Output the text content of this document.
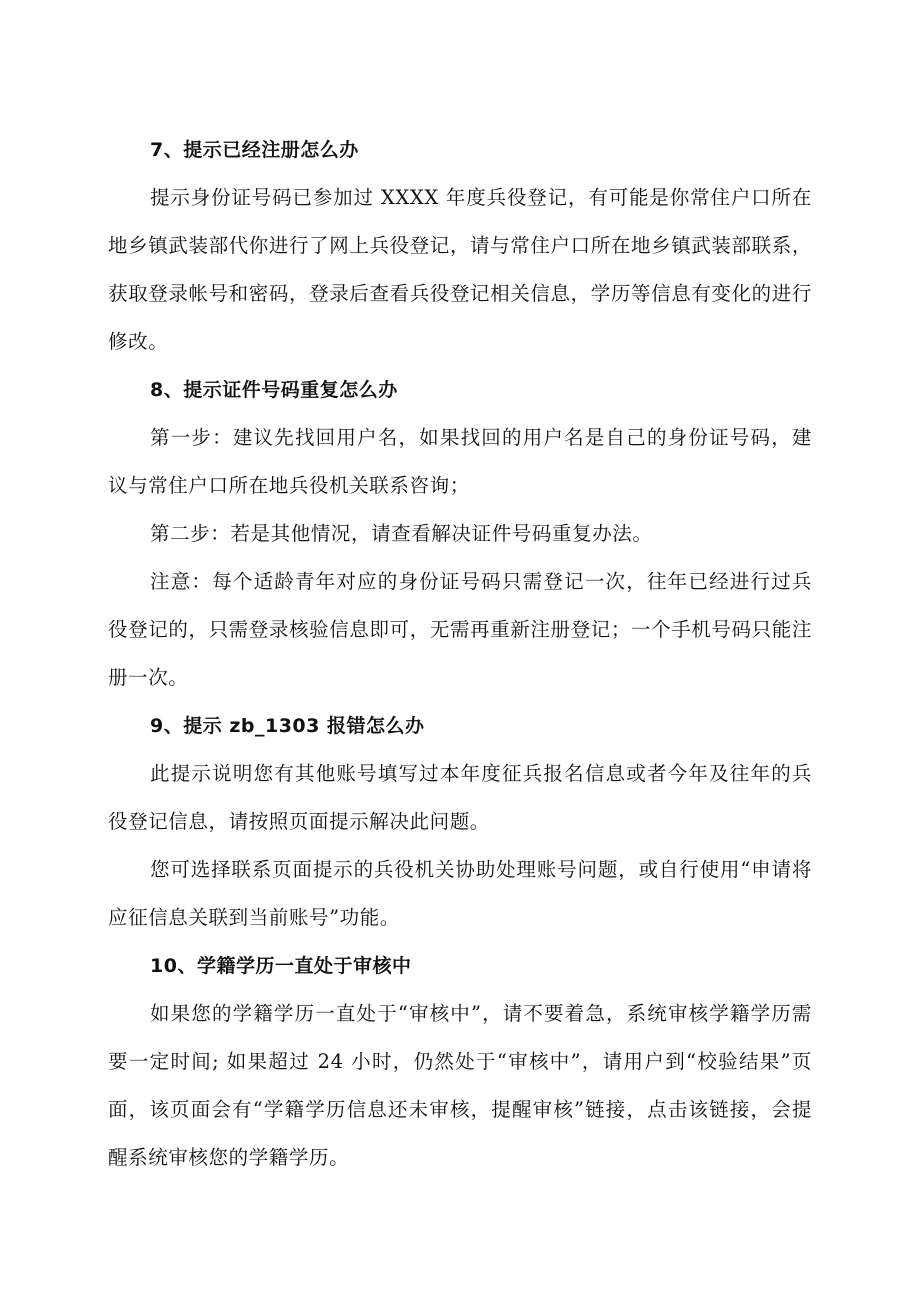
7、提示已经注册怎么办

提示身份证号码已参加过 XXXX 年度兵役登记，有可能是你常住户口所在地乡镇武装部代你进行了网上兵役登记，请与常住户口所在地乡镇武装部联系，获取登录帐号和密码，登录后查看兵役登记相关信息，学历等信息有变化的进行修改。

8、提示证件号码重复怎么办

第一步：建议先找回用户名，如果找回的用户名是自己的身份证号码，建议与常住户口所在地兵役机关联系咨询；

第二步：若是其他情况，请查看解决证件号码重复办法。

注意：每个适龄青年对应的身份证号码只需登记一次，往年已经进行过兵役登记的，只需登录核验信息即可，无需再重新注册登记；一个手机号码只能注册一次。

9、提示 zb_1303 报错怎么办

此提示说明您有其他账号填写过本年度征兵报名信息或者今年及往年的兵役登记信息，请按照页面提示解决此问题。

您可选择联系页面提示的兵役机关协助处理账号问题，或自行使用“申请将应征信息关联到当前账号”功能。

10、学籍学历一直处于审核中

如果您的学籍学历一直处于“审核中”，请不要着急，系统审核学籍学历需要一定时间; 如果超过 24 小时，仍然处于“审核中”，请用户到“校验结果”页面，该页面会有“学籍学历信息还未审核，提醒审核”链接，点击该链接，会提醒系统审核您的学籍学历。
